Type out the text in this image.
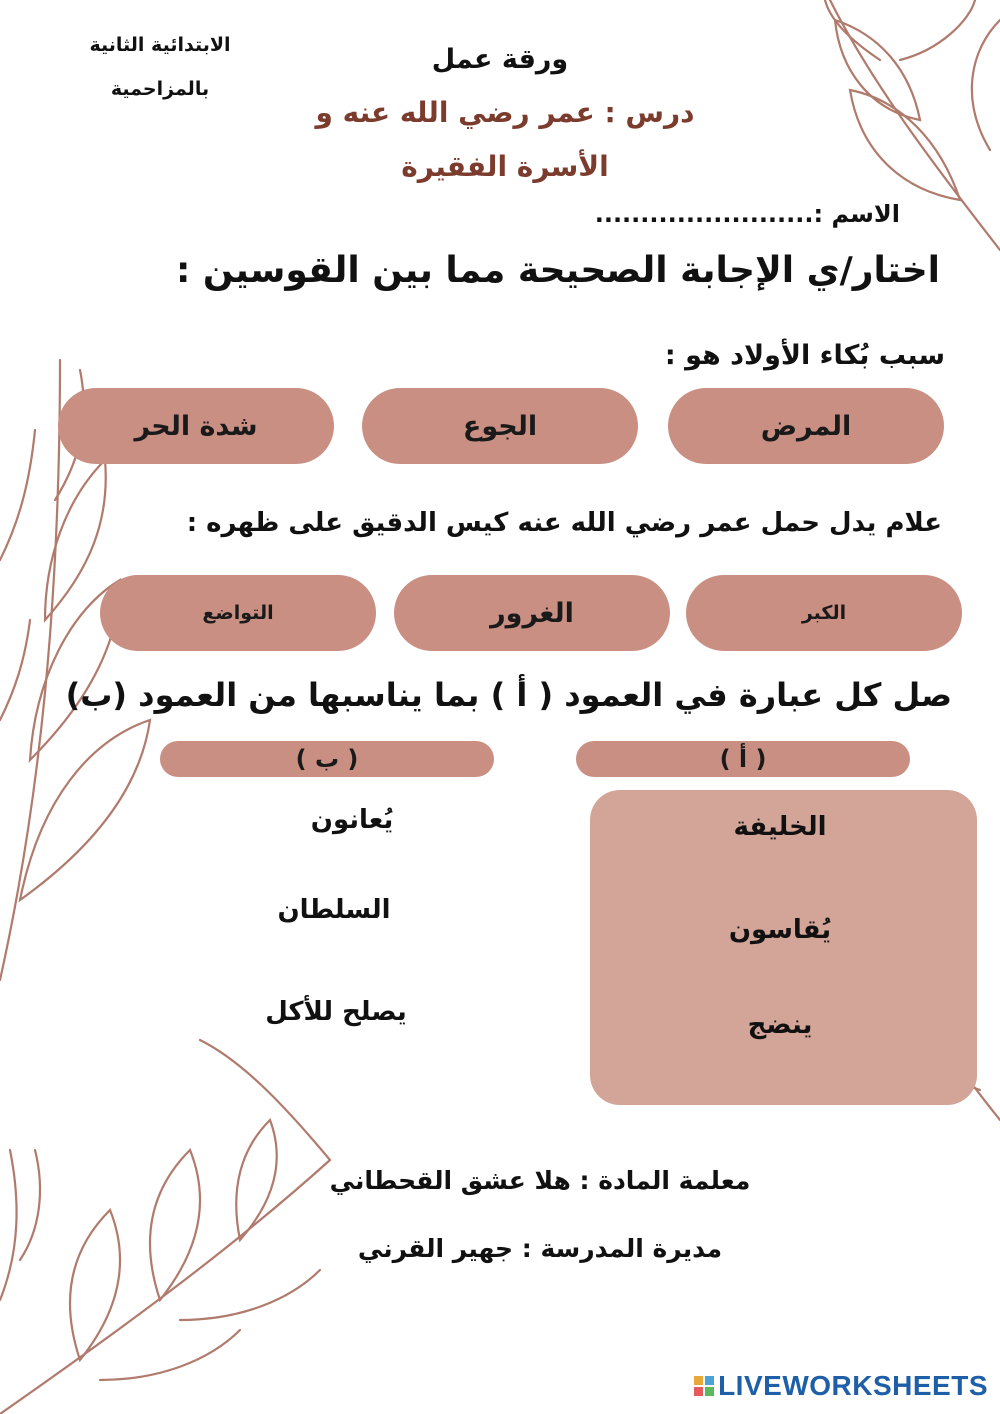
الابتدائية الثانية
بالمزاحمية
ورقة عمل
درس : عمر رضي الله عنه و
الأسرة الفقيرة
الاسم :........................
اختار/ي الإجابة الصحيحة مما بين القوسين :
سبب بُكاء الأولاد هو :
المرض
الجوع
شدة الحر
علام يدل حمل عمر رضي الله عنه كيس الدقيق على ظهره :
الكبر
الغرور
التواضع
صل كل عبارة في العمود ( أ ) بما يناسبها من العمود (ب)
( أ )
( ب )
الخليفة
يُقاسون
ينضج
يُعانون
السلطان
يصلح للأكل
معلمة المادة : هلا عشق القحطاني
مديرة المدرسة : جهير القرني
LIVEWORKSHEETS
